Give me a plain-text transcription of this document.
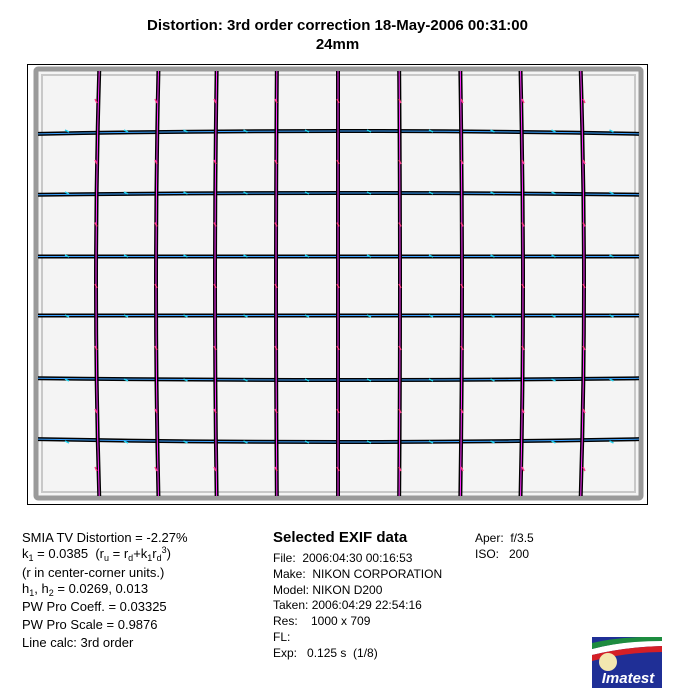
Distortion: 3rd order correction 18-May-2006 00:31:00
24mm
SMIA TV Distortion = -2.27%
$k_1 = 0.0385$  $(r_u = r_d+k_1r_d^3)$
(r in center-corner units.)
$h_1$, $h_2 = 0.0269$, 0.013
PW Pro Coeff. = 0.03325
PW Pro Scale = 0.9876
Line calc: 3rd order
Selected EXIF data
File:  2006:04:30 00:16:53
Make:  NIKON CORPORATION
Model: NIKON D200
Taken: 2006:04:29 22:54:16
Res:    1000 x 709
FL:
Exp:   0.125 s  (1/8)
Aper:  f/3.5
ISO:   200
Imatest
